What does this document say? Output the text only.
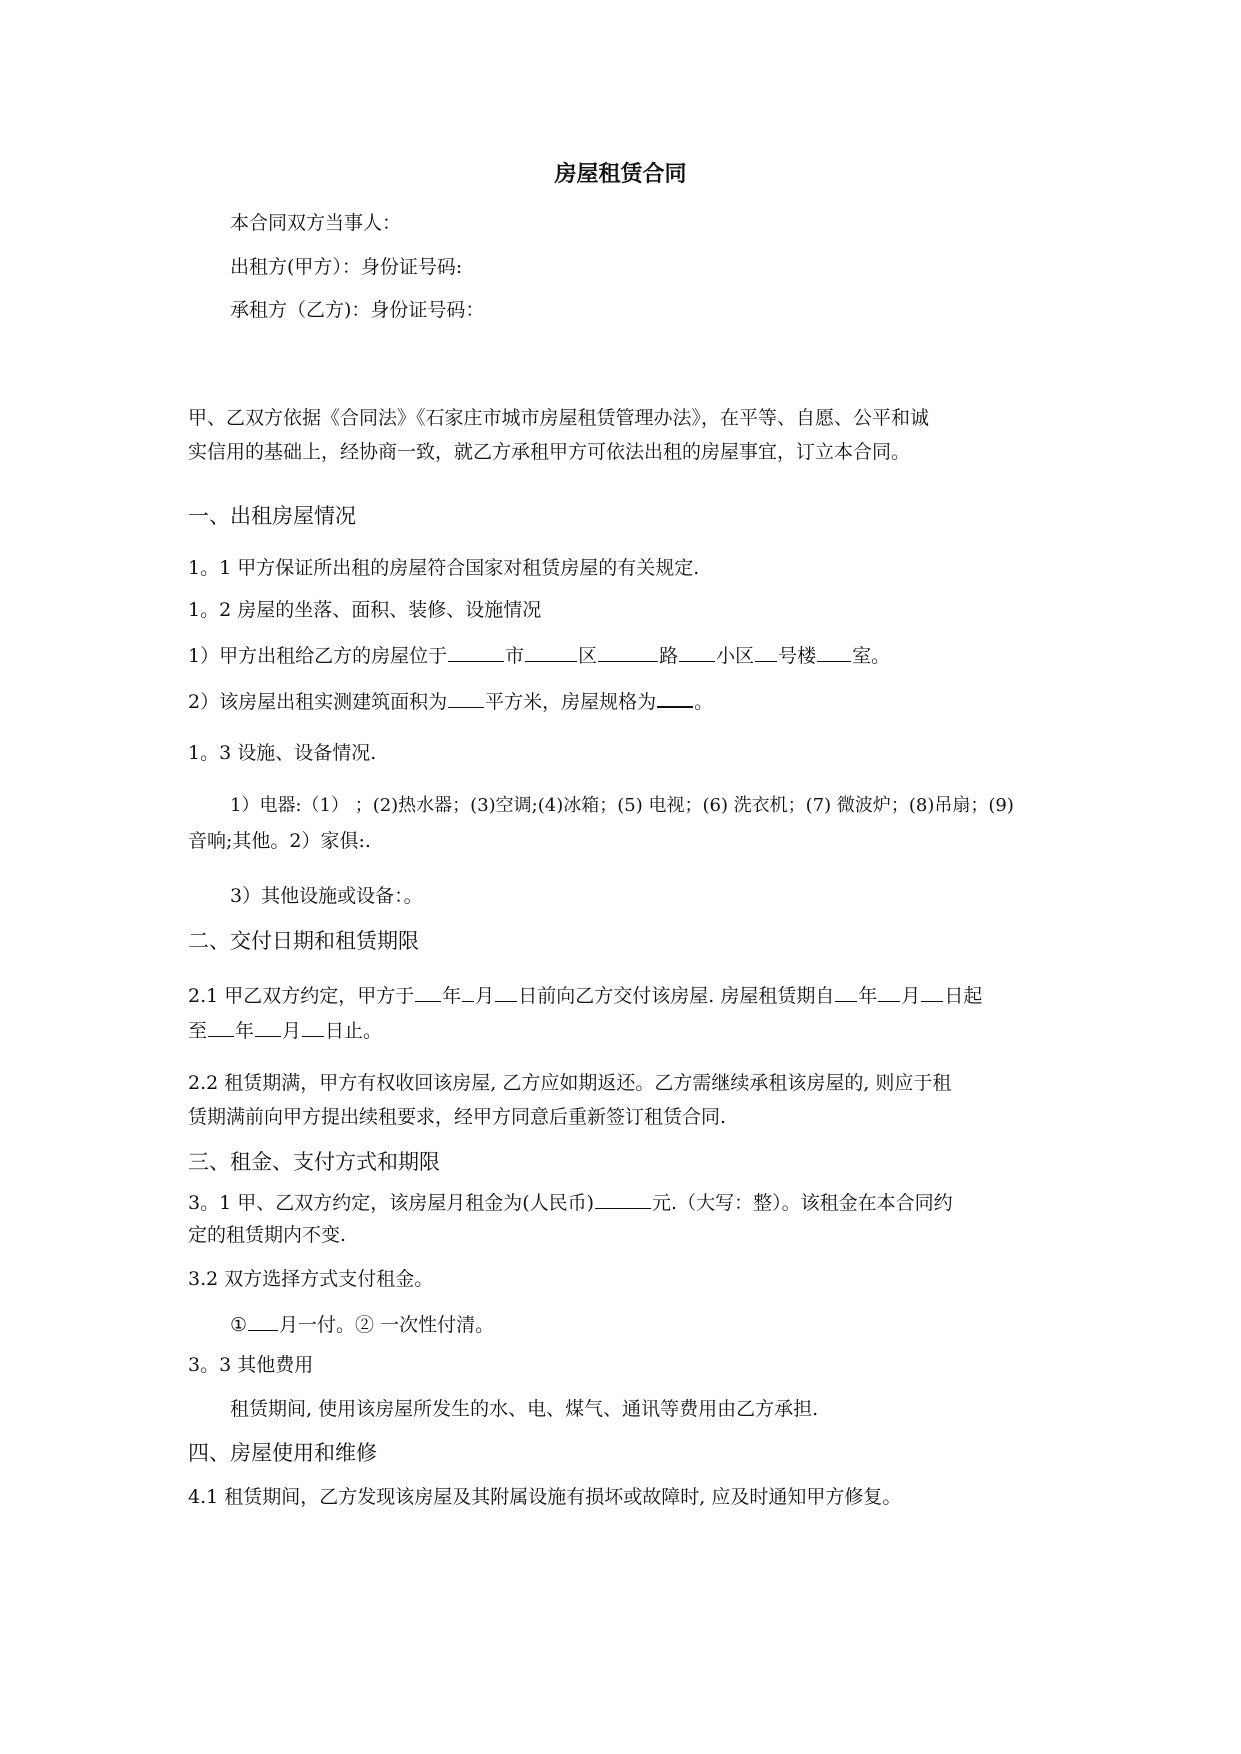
房屋租赁合同
本合同双方当事人：
出租方(甲方）：身份证号码:
承租方（乙方)：身份证号码：
甲、乙双方依据《合同法》《石家庄市城市房屋租赁管理办法》，在平等、自愿、公平和诚
实信用的基础上，经协商一致，就乙方承租甲方可依法出租的房屋事宜，订立本合同。
一、出租房屋情况
1。1 甲方保证所出租的房屋符合国家对租赁房屋的有关规定.
1。2 房屋的坐落、面积、装修、设施情况
1）甲方出租给乙方的房屋位于	市	区	路 小区 号楼 室。
2）该房屋出租实测建筑面积为 平方米，房屋规格为 。
1。3 设施、设备情况.
1）电器:（1） ；(2)热水器；(3)空调;(4)冰箱；(5) 电视；(6) 洗衣机；(7) 微波炉；(8)吊扇；(9)
音响;其他。2）家俱:.
3）其他设施或设备：。
二、交付日期和租赁期限
2.1 甲乙双方约定，甲方于 年 月 日前向乙方交付该房屋. 房屋租赁期自 年 月 日起
至 年 月 日止。
2.2 租赁期满，甲方有权收回该房屋, 乙方应如期返还。乙方需继续承租该房屋的, 则应于租
赁期满前向甲方提出续租要求，经甲方同意后重新签订租赁合同.
三、租金、支付方式和期限
3。1 甲、乙双方约定，该房屋月租金为(人民币)	元.（大写：整）。该租金在本合同约
定的租赁期内不变.
3.2 双方选择方式支付租金。
① 月一付。② 一次性付清。
3。3 其他费用
租赁期间, 使用该房屋所发生的水、电、煤气、通讯等费用由乙方承担.
四、房屋使用和维修
4.1 租赁期间，乙方发现该房屋及其附属设施有损坏或故障时, 应及时通知甲方修复。
